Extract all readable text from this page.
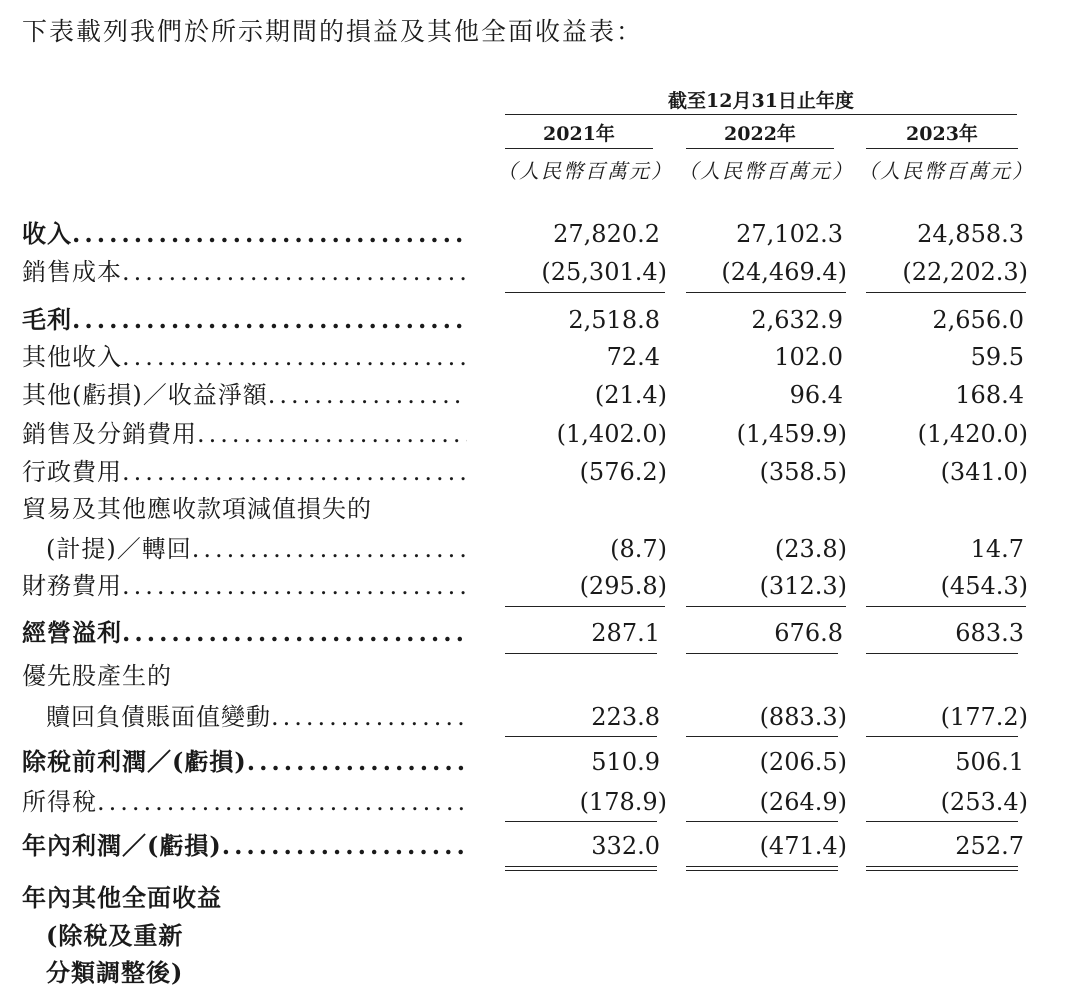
下表載列我們於所示期間的損益及其他全面收益表：
截至12月31日止年度
2021年	2022年	2023年
（人民幣百萬元） （人民幣百萬元） （人民幣百萬元）
收入 .....	27,820.2	27,102.3	24,858.3
銷售成本 .....	(25,301.4) (24,469.4) (22,202.3)
毛利 .....	2,518.8	2,632.9	2,656.0
其他收入 .....	72.4	102.0	59.5
其他(虧損)／收益淨額 .....	(21.4)	96.4	168.4
銷售及分銷費用 .....	(1,402.0)	(1,459.9)	(1,420.0)
行政費用 .....	(576.2)	(358.5)	(341.0)
貿易及其他應收款項減值損失的
(計提)／轉回 .....	(8.7)	(23.8)	14.7
財務費用 .....	(295.8)	(312.3)	(454.3)
經營溢利 .....	287.1	676.8	683.3
優先股產生的
贖回負債賬面值變動 .....	223.8	(883.3)	(177.2)
除稅前利潤／(虧損) .....	510.9	(206.5)	506.1
所得稅 .....	(178.9)	(264.9)	(253.4)
年內利潤／(虧損) .....	332.0	(471.4)	252.7
年內其他全面收益
(除稅及重新
分類調整後)
